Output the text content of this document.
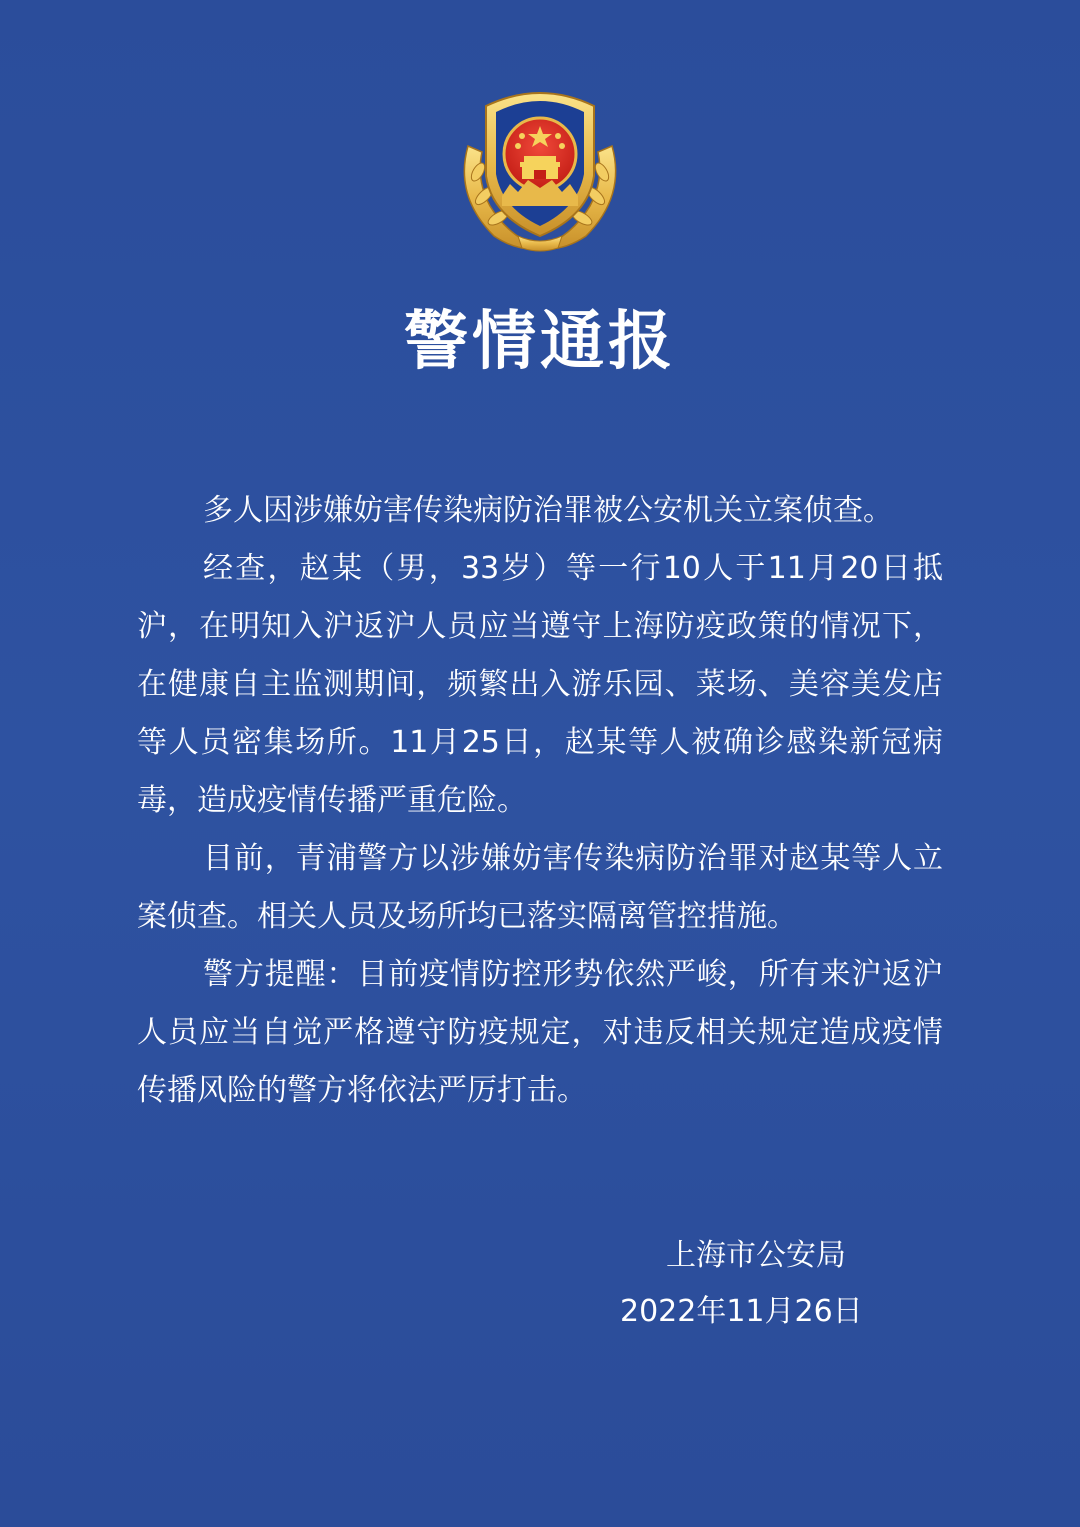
警情通报

多人因涉嫌妨害传染病防治罪被公安机关立案侦查。

经查，赵某（男，33岁）等一行10人于11月20日抵沪，在明知入沪返沪人员应当遵守上海防疫政策的情况下，在健康自主监测期间，频繁出入游乐园、菜场、美容美发店等人员密集场所。11月25日，赵某等人被确诊感染新冠病毒，造成疫情传播严重危险。

目前，青浦警方以涉嫌妨害传染病防治罪对赵某等人立案侦查。相关人员及场所均已落实隔离管控措施。

警方提醒：目前疫情防控形势依然严峻，所有来沪返沪人员应当自觉严格遵守防疫规定，对违反相关规定造成疫情传播风险的警方将依法严厉打击。

上海市公安局
2022年11月26日
